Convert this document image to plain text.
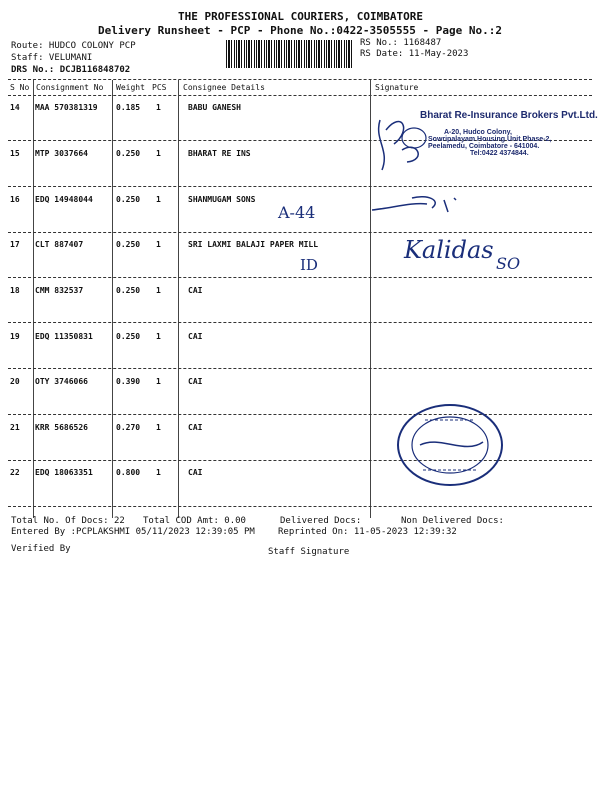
THE PROFESSIONAL COURIERS, COIMBATORE
Delivery Runsheet - PCP - Phone No.:0422-3505555 - Page No.:2
Route: HUDCO COLONY PCP
Staff: VELUMANI
DRS No.: DCJB116848702
RS No.: 1168487
RS Date: 11-May-2023
S No Consignment No Weight PCS Consignee Details	Signature
14 MAA 570381319 0.185 1	BABU GANESH
15 MTP 3037664	0.250 1	BHARAT RE INS
16 EDQ 14948044	0.250 1	SHANMUGAM SONS
17 CLT 887407	0.250 1	SRI LAXMI BALAJI PAPER MILL
18 CMM 832537	0.250 1	CAI
19 EDQ 11350831	0.250 1	CAI
20 OTY 3746066	0.390 1	CAI
21 KRR 5686526	0.270 1	CAI
22 EDQ 18063351	0.800 1	CAI
Bharat Re-Insurance Brokers Pvt.Ltd.
A-20, Hudco Colony,
Sowripalayam Housing Unit Phase-2,
Peelamedu, Coimbatore - 641004.
Tel:0422 4374844.
A-44
Kalidas SO
ID
Total No. Of Docs: 22 Total COD Amt: 0.00	Delivered Docs:	Non Delivered Docs:
Entered By :PCPLAKSHMI 05/11/2023 12:39:05 PM	Reprinted On: 11-05-2023 12:39:32
Verified By	Staff Signature
